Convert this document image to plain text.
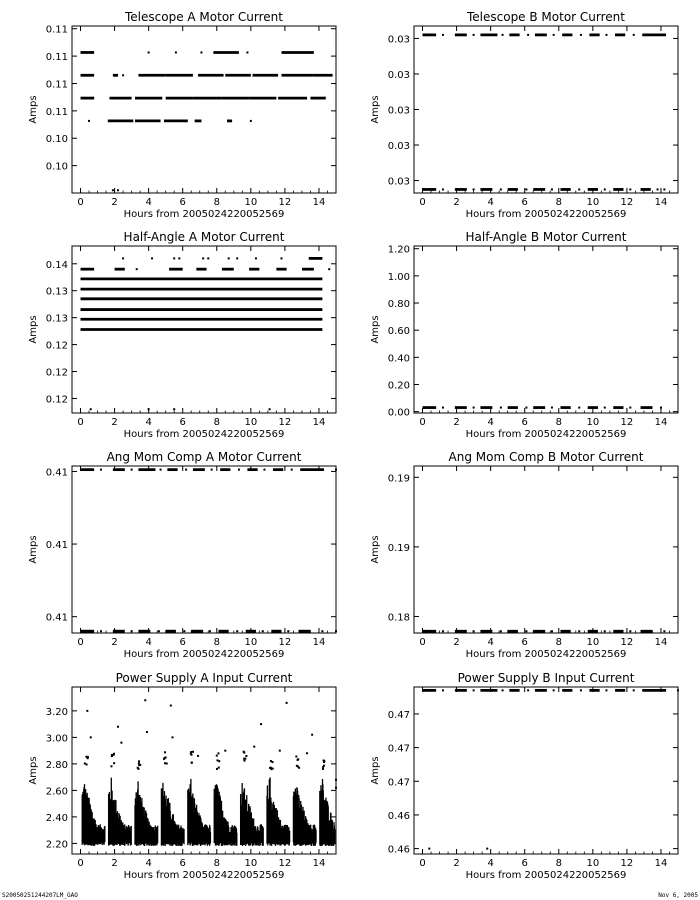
Telescope A Motor Current
0	2	4	6	8 10 12 14
0.10
0.10
0.11
0.11
0.11
0.11
Hours from 2005024220052569
Amps
Telescope B Motor Current
0	2	4	6	8 10 12 14
0.03
0.03
0.03
0.03
0.03
Hours from 2005024220052569
Amps
Half-Angle A Motor Current
0	2	4	6	8 10 12 14
0.12
0.12
0.12
0.13
0.13
0.14
Hours from 2005024220052569
Amps
Half-Angle B Motor Current
0	2	4	6	8 10 12 14
0.00
0.20
0.40
0.60
0.80
1.00
1.20
Hours from 2005024220052569
Amps
Ang Mom Comp A Motor Current
0	2	4	6	8 10 12 14
0.41
0.41
0.41
Hours from 2005024220052569
Amps
Ang Mom Comp B Motor Current
0	2	4	6	8 10 12 14
0.18
0.19
0.19
Hours from 2005024220052569
Amps
Power Supply A Input Current
0	2	4	6	8 10 12 14
2.20
2.40
2.60
2.80
3.00
3.20
Hours from 2005024220052569
Amps
Power Supply B Input Current
0	2	4	6	8 10 12 14
0.46
0.46
0.47
0.47
0.47
Hours from 2005024220052569
Amps
S20050251244207LM_GAO	Nov 6, 2005
